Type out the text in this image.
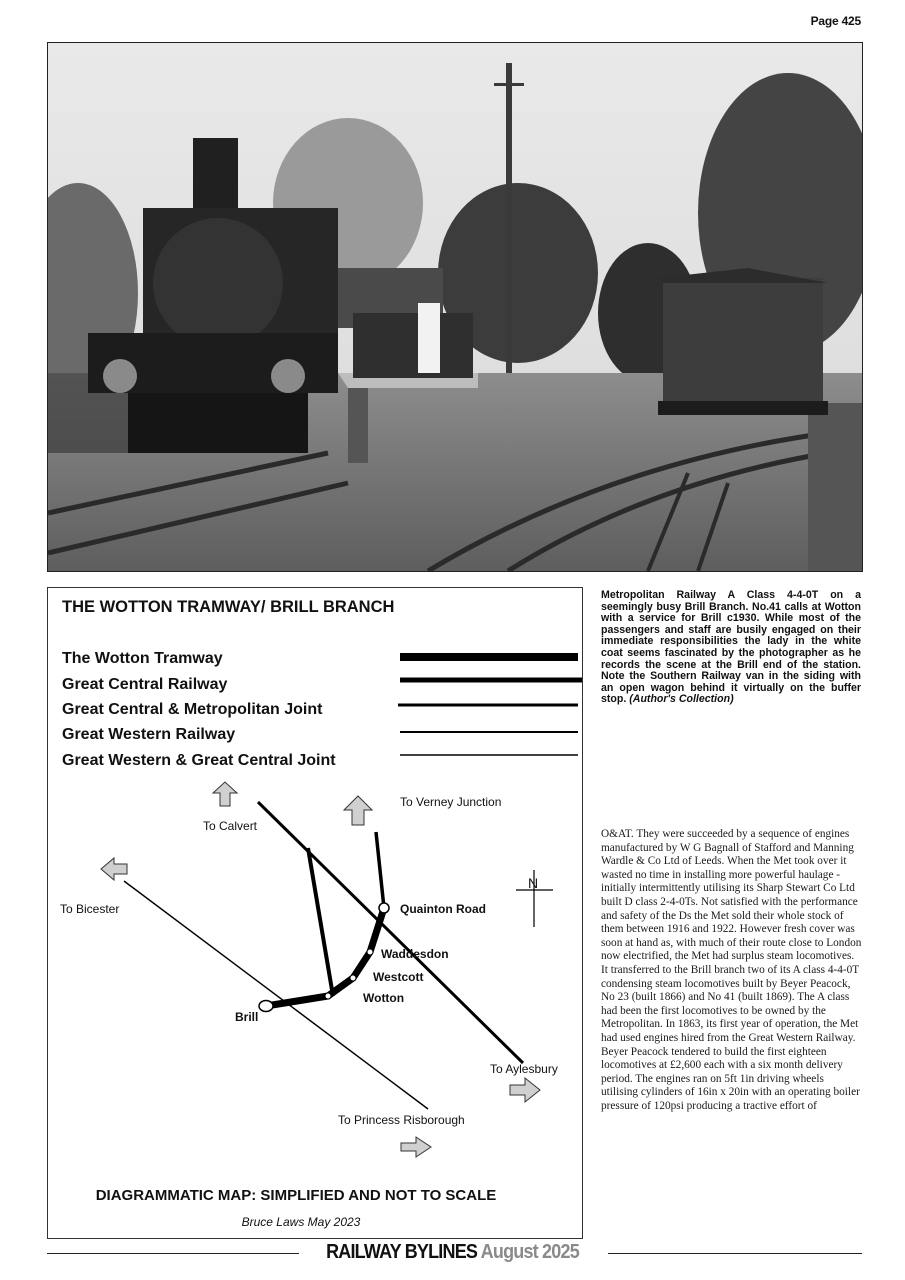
Page 425
THE WOTTON TRAMWAY/ BRILL BRANCH
The Wotton Tramway
Great Central Railway
Great Central & Metropolitan Joint
Great Western Railway
Great Western & Great Central Joint
N
To Calvert
To Verney Junction
To Bicester	Quainton Road
Waddesdon
Westcott
Wotton
Brill
To Aylesbury
To Princess Risborough
DIAGRAMMATIC MAP: SIMPLIFIED AND NOT TO SCALE
Bruce Laws May 2023

Metropolitan Railway A Class 4-4-0T on a seemingly busy Brill Branch. No.41 calls at Wotton with a service for Brill c1930. While most of the passengers and staff are busily engaged on their immediate responsibilities the lady in the white coat seems fascinated by the photographer as he records the scene at the Brill end of the station. Note the Southern Railway van in the siding with an open wagon behind it virtually on the buffer stop. (Author's Collection)

O&AT. They were succeeded by a sequence of engines manufactured by W G Bagnall of Stafford and Manning Wardle & Co Ltd of Leeds. When the Met took over it wasted no time in installing more powerful haulage - initially intermittently utilising its Sharp Stewart Co Ltd built D class 2-4-0Ts. Not satisfied with the performance and safety of the Ds the Met sold their whole stock of them between 1916 and 1922. However fresh cover was soon at hand as, with much of their route close to London now electrified, the Met had surplus steam locomotives. It transferred to the Brill branch two of its A class 4-4-0T condensing steam locomotives built by Beyer Peacock, No 23 (built 1866) and No 41 (built 1869). The A class had been the first locomotives to be owned by the Metropolitan. In 1863, its first year of operation, the Met had used engines hired from the Great Western Railway. Beyer Peacock tendered to build the first eighteen locomotives at £2,600 each with a six month delivery period. The engines ran on 5ft 1in driving wheels utilising cylinders of 16in x 20in with an operating boiler pressure of 120psi producing a tractive effort of

RAILWAY BYLINES August 2025
